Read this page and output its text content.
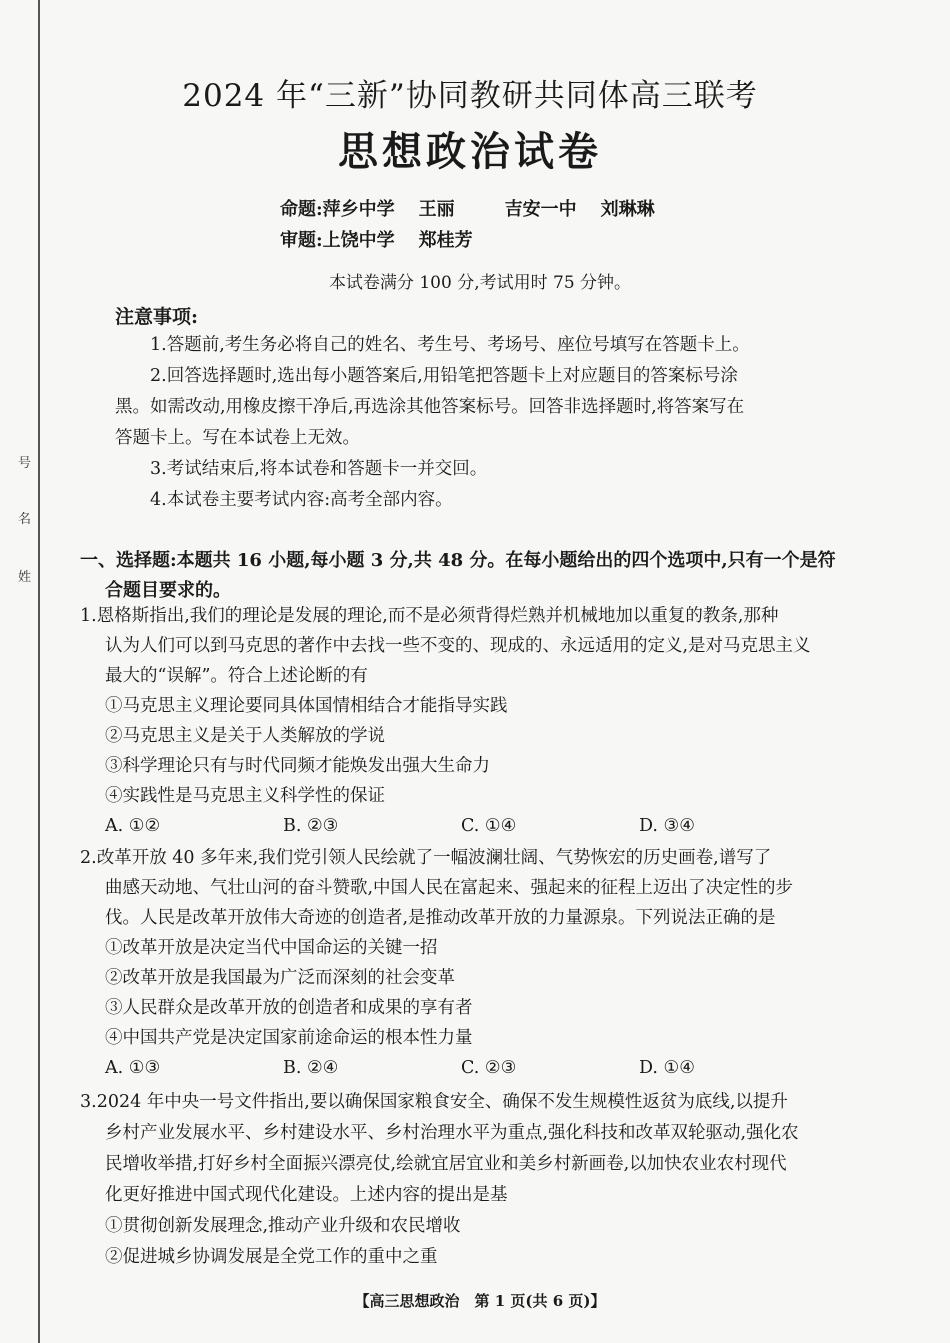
号
名
姓
2024 年“三新”协同教研共同体高三联考
思想政治试卷
命题:萍乡中学 王丽	吉安一中 刘琳琳
审题:上饶中学 郑桂芳
本试卷满分 100 分,考试用时 75 分钟。
注意事项:
1.答题前,考生务必将自己的姓名、考生号、考场号、座位号填写在答题卡上。
2.回答选择题时,选出每小题答案后,用铅笔把答题卡上对应题目的答案标号涂
黑。如需改动,用橡皮擦干净后,再选涂其他答案标号。回答非选择题时,将答案写在
答题卡上。写在本试卷上无效。
3.考试结束后,将本试卷和答题卡一并交回。
4.本试卷主要考试内容:高考全部内容。
一、选择题:本题共 16 小题,每小题 3 分,共 48 分。在每小题给出的四个选项中,只有一个是符
合题目要求的。
1.恩格斯指出,我们的理论是发展的理论,而不是必须背得烂熟并机械地加以重复的教条,那种
认为人们可以到马克思的著作中去找一些不变的、现成的、永远适用的定义,是对马克思主义
最大的“误解”。符合上述论断的有
①马克思主义理论要同具体国情相结合才能指导实践
②马克思主义是关于人类解放的学说
③科学理论只有与时代同频才能焕发出强大生命力
④实践性是马克思主义科学性的保证
A. ①②	B. ②③	C. ①④	D. ③④
2.改革开放 40 多年来,我们党引领人民绘就了一幅波澜壮阔、气势恢宏的历史画卷,谱写了
曲感天动地、气壮山河的奋斗赞歌,中国人民在富起来、强起来的征程上迈出了决定性的步
伐。人民是改革开放伟大奇迹的创造者,是推动改革开放的力量源泉。下列说法正确的是
①改革开放是决定当代中国命运的关键一招
②改革开放是我国最为广泛而深刻的社会变革
③人民群众是改革开放的创造者和成果的享有者
④中国共产党是决定国家前途命运的根本性力量
A. ①③	B. ②④	C. ②③	D. ①④
3.2024 年中央一号文件指出,要以确保国家粮食安全、确保不发生规模性返贫为底线,以提升
乡村产业发展水平、乡村建设水平、乡村治理水平为重点,强化科技和改革双轮驱动,强化农
民增收举措,打好乡村全面振兴漂亮仗,绘就宜居宜业和美乡村新画卷,以加快农业农村现代
化更好推进中国式现代化建设。上述内容的提出是基
①贯彻创新发展理念,推动产业升级和农民增收
②促进城乡协调发展是全党工作的重中之重
【高三思想政治　第 1 页(共 6 页)】
